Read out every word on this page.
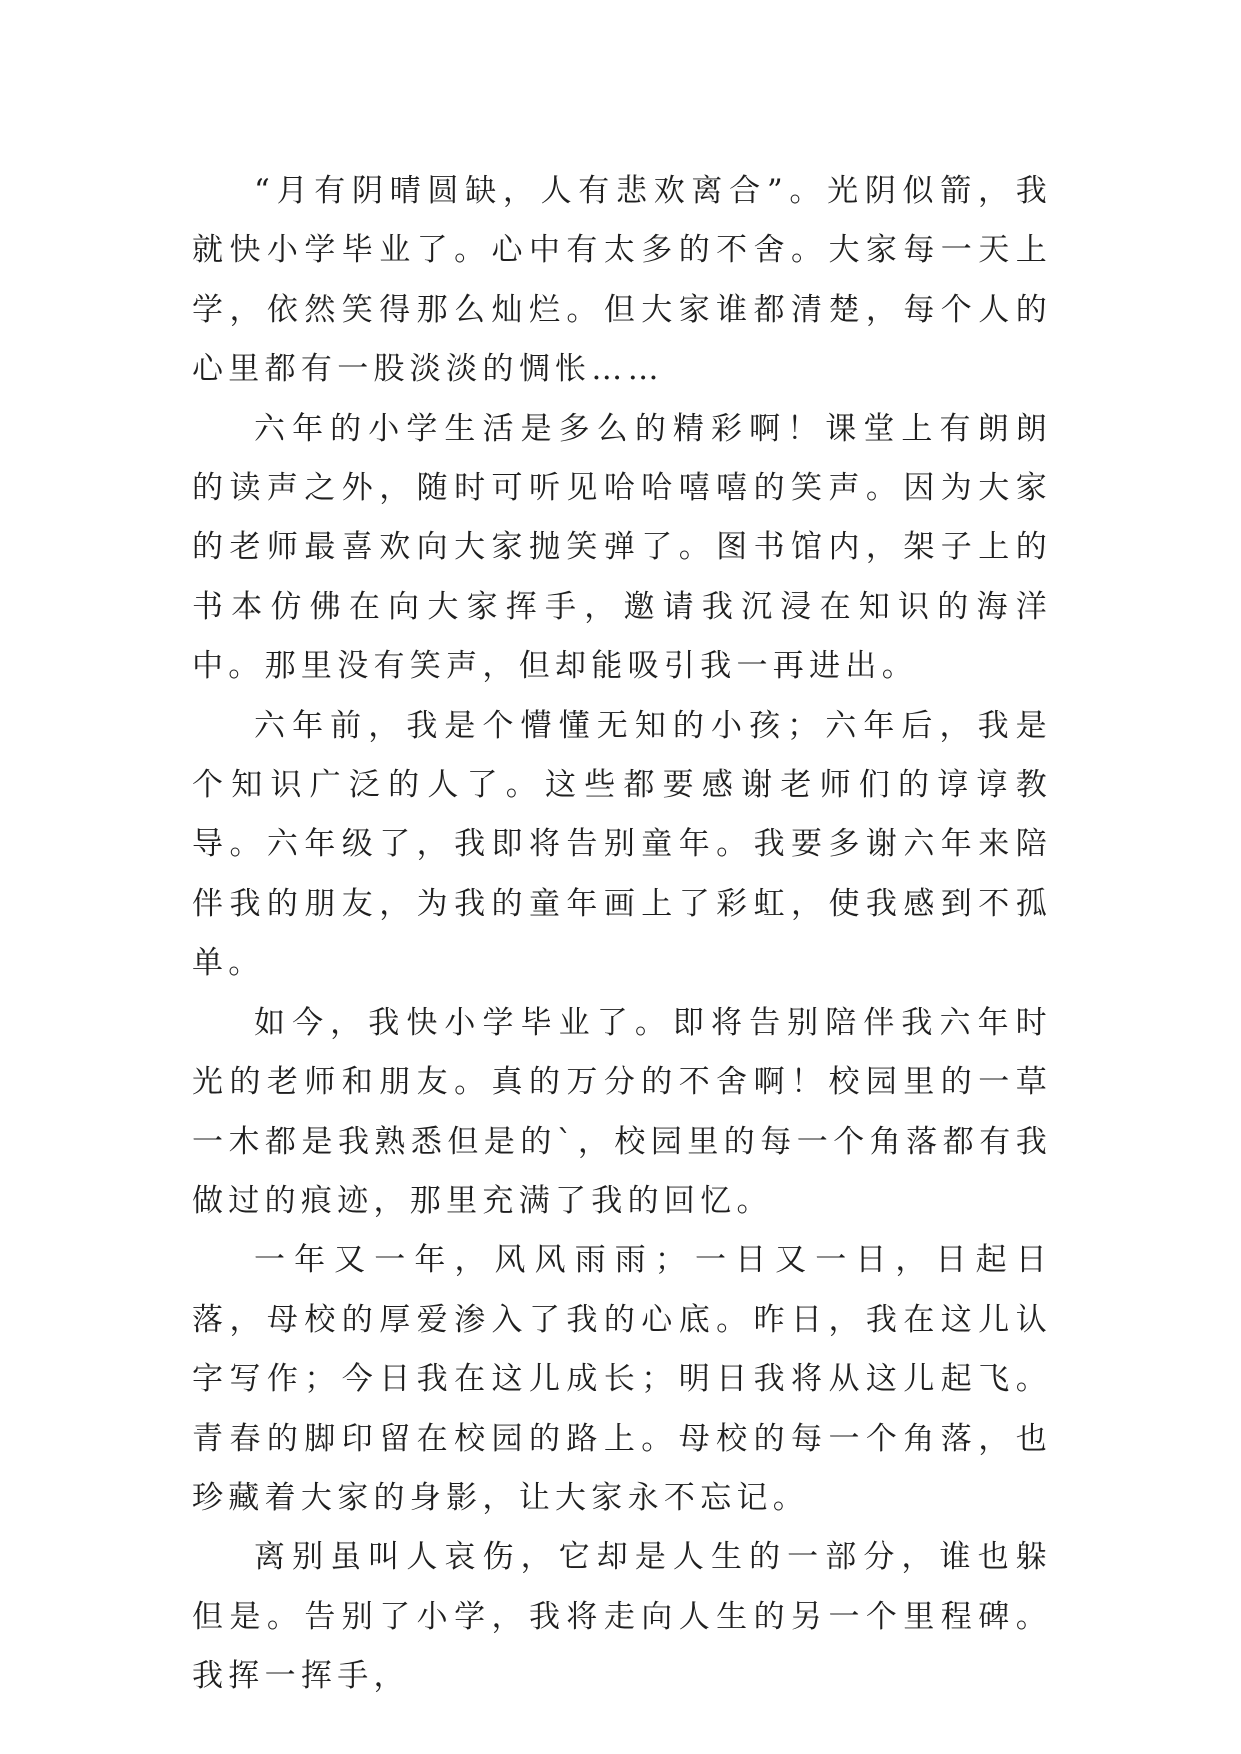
“月有阴晴圆缺，人有悲欢离合”。光阴似箭，我就快小学毕业了。心中有太多的不舍。大家每一天上学，依然笑得那么灿烂。但大家谁都清楚，每个人的心里都有一股淡淡的惆怅……

六年的小学生活是多么的精彩啊！课堂上有朗朗的读声之外，随时可听见哈哈嘻嘻的笑声。因为大家的老师最喜欢向大家抛笑弹了。图书馆内，架子上的书本仿佛在向大家挥手，邀请我沉浸在知识的海洋中。那里没有笑声，但却能吸引我一再进出。

六年前，我是个懵懂无知的小孩；六年后，我是个知识广泛的人了。这些都要感谢老师们的谆谆教导。六年级了，我即将告别童年。我要多谢六年来陪伴我的朋友，为我的童年画上了彩虹，使我感到不孤单。

如今，我快小学毕业了。即将告别陪伴我六年时光的老师和朋友。真的万分的不舍啊！校园里的一草一木都是我熟悉但是的`，校园里的每一个角落都有我做过的痕迹，那里充满了我的回忆。

一年又一年，风风雨雨；一日又一日，日起日落，母校的厚爱渗入了我的心底。昨日，我在这儿认字写作；今日我在这儿成长；明日我将从这儿起飞。青春的脚印留在校园的路上。母校的每一个角落，也珍藏着大家的身影，让大家永不忘记。

离别虽叫人哀伤，它却是人生的一部分，谁也躲但是。告别了小学，我将走向人生的另一个里程碑。我挥一挥手，
